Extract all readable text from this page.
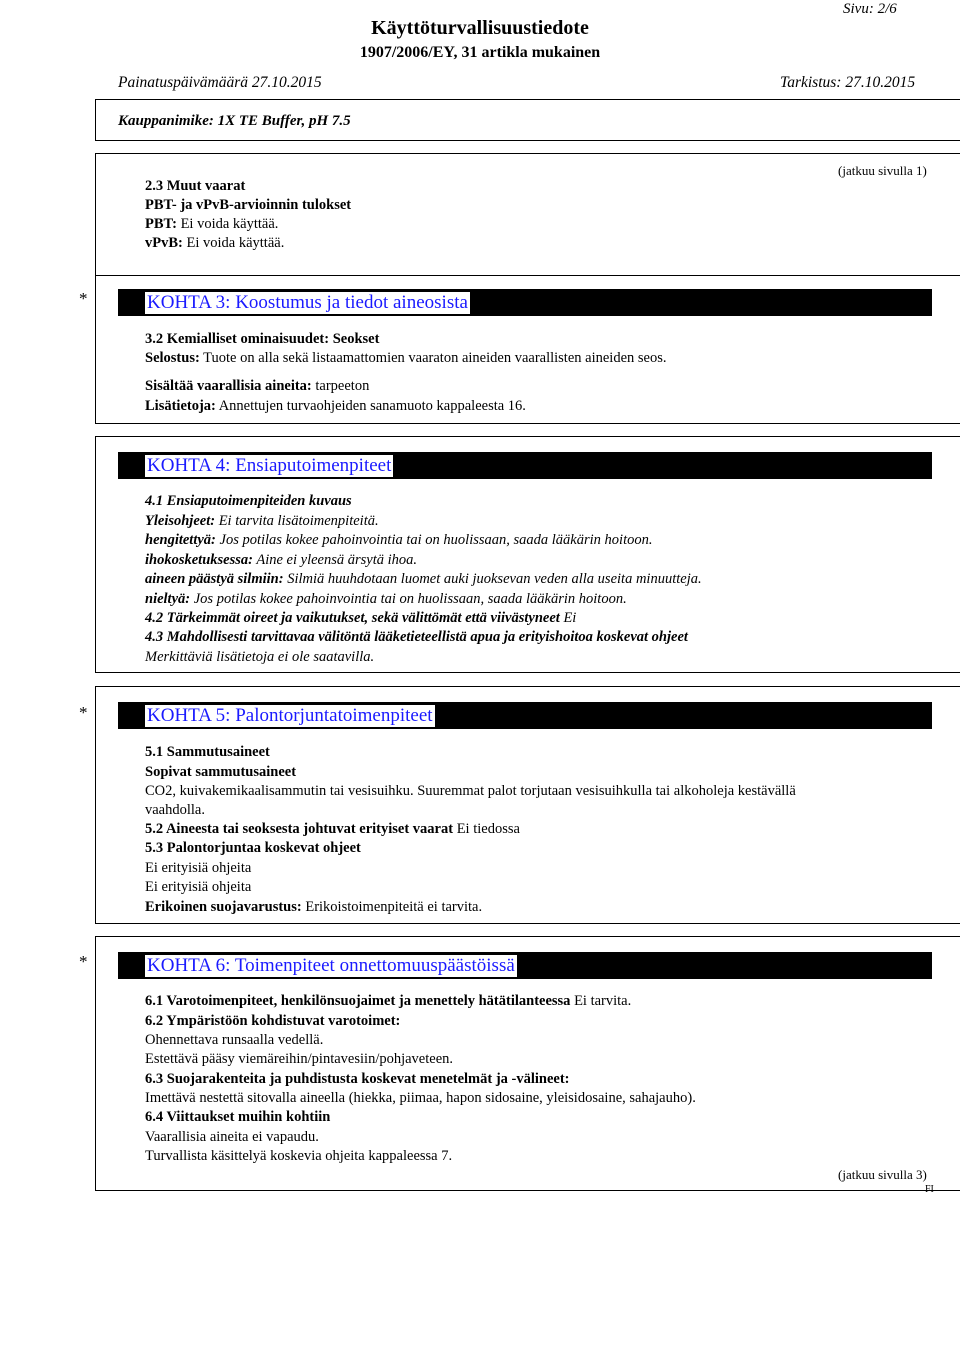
Sivu: 2/6
Käyttöturvallisuustiedote
1907/2006/EY, 31 artikla mukainen
Painatuspäivämäärä 27.10.2015	Tarkistus: 27.10.2015
Kauppanimike: 1X TE Buffer, pH 7.5
(jatkuu sivulla 1)
2.3 Muut vaarat
PBT- ja vPvB-arvioinnin tulokset
PBT: Ei voida käyttää.
vPvB: Ei voida käyttää.
*	KOHTA 3: Koostumus ja tiedot aineosista
3.2 Kemialliset ominaisuudet: Seokset
Selostus: Tuote on alla sekä listaamattomien vaaraton aineiden vaarallisten aineiden seos.
Sisältää vaarallisia aineita: tarpeeton
Lisätietoja: Annettujen turvaohjeiden sanamuoto kappaleesta 16.
KOHTA 4: Ensiaputoimenpiteet
4.1 Ensiaputoimenpiteiden kuvaus
Yleisohjeet: Ei tarvita lisätoimenpiteitä.
hengitettyä: Jos potilas kokee pahoinvointia tai on huolissaan, saada lääkärin hoitoon.
ihokosketuksessa: Aine ei yleensä ärsytä ihoa.
aineen päästyä silmiin: Silmiä huuhdotaan luomet auki juoksevan veden alla useita minuutteja.
nieltyä: Jos potilas kokee pahoinvointia tai on huolissaan, saada lääkärin hoitoon.
4.2 Tärkeimmät oireet ja vaikutukset, sekä välittömät että viivästyneet Ei
4.3 Mahdollisesti tarvittavaa välitöntä lääketieteellistä apua ja erityishoitoa koskevat ohjeet
Merkittäviä lisätietoja ei ole saatavilla.
*	KOHTA 5: Palontorjuntatoimenpiteet
5.1 Sammutusaineet
Sopivat sammutusaineet
CO2, kuivakemikaalisammutin tai vesisuihku. Suuremmat palot torjutaan vesisuihkulla tai alkoholeja kestävällä
vaahdolla.
5.2 Aineesta tai seoksesta johtuvat erityiset vaarat Ei tiedossa
5.3 Palontorjuntaa koskevat ohjeet
Ei erityisiä ohjeita
Ei erityisiä ohjeita
Erikoinen suojavarustus: Erikoistoimenpiteitä ei tarvita.
*	KOHTA 6: Toimenpiteet onnettomuuspäästöissä
6.1 Varotoimenpiteet, henkilönsuojaimet ja menettely hätätilanteessa Ei tarvita.
6.2 Ympäristöön kohdistuvat varotoimet:
Ohennettava runsaalla vedellä.
Estettävä pääsy viemäreihin/pintavesiin/pohjaveteen.
6.3 Suojarakenteita ja puhdistusta koskevat menetelmät ja -välineet:
Imettävä nestettä sitovalla aineella (hiekka, piimaa, hapon sidosaine, yleisidosaine, sahajauho).
6.4 Viittaukset muihin kohtiin
Vaarallisia aineita ei vapaudu.
Turvallista käsittelyä koskevia ohjeita kappaleessa 7.
(jatkuu sivulla 3)
FI
